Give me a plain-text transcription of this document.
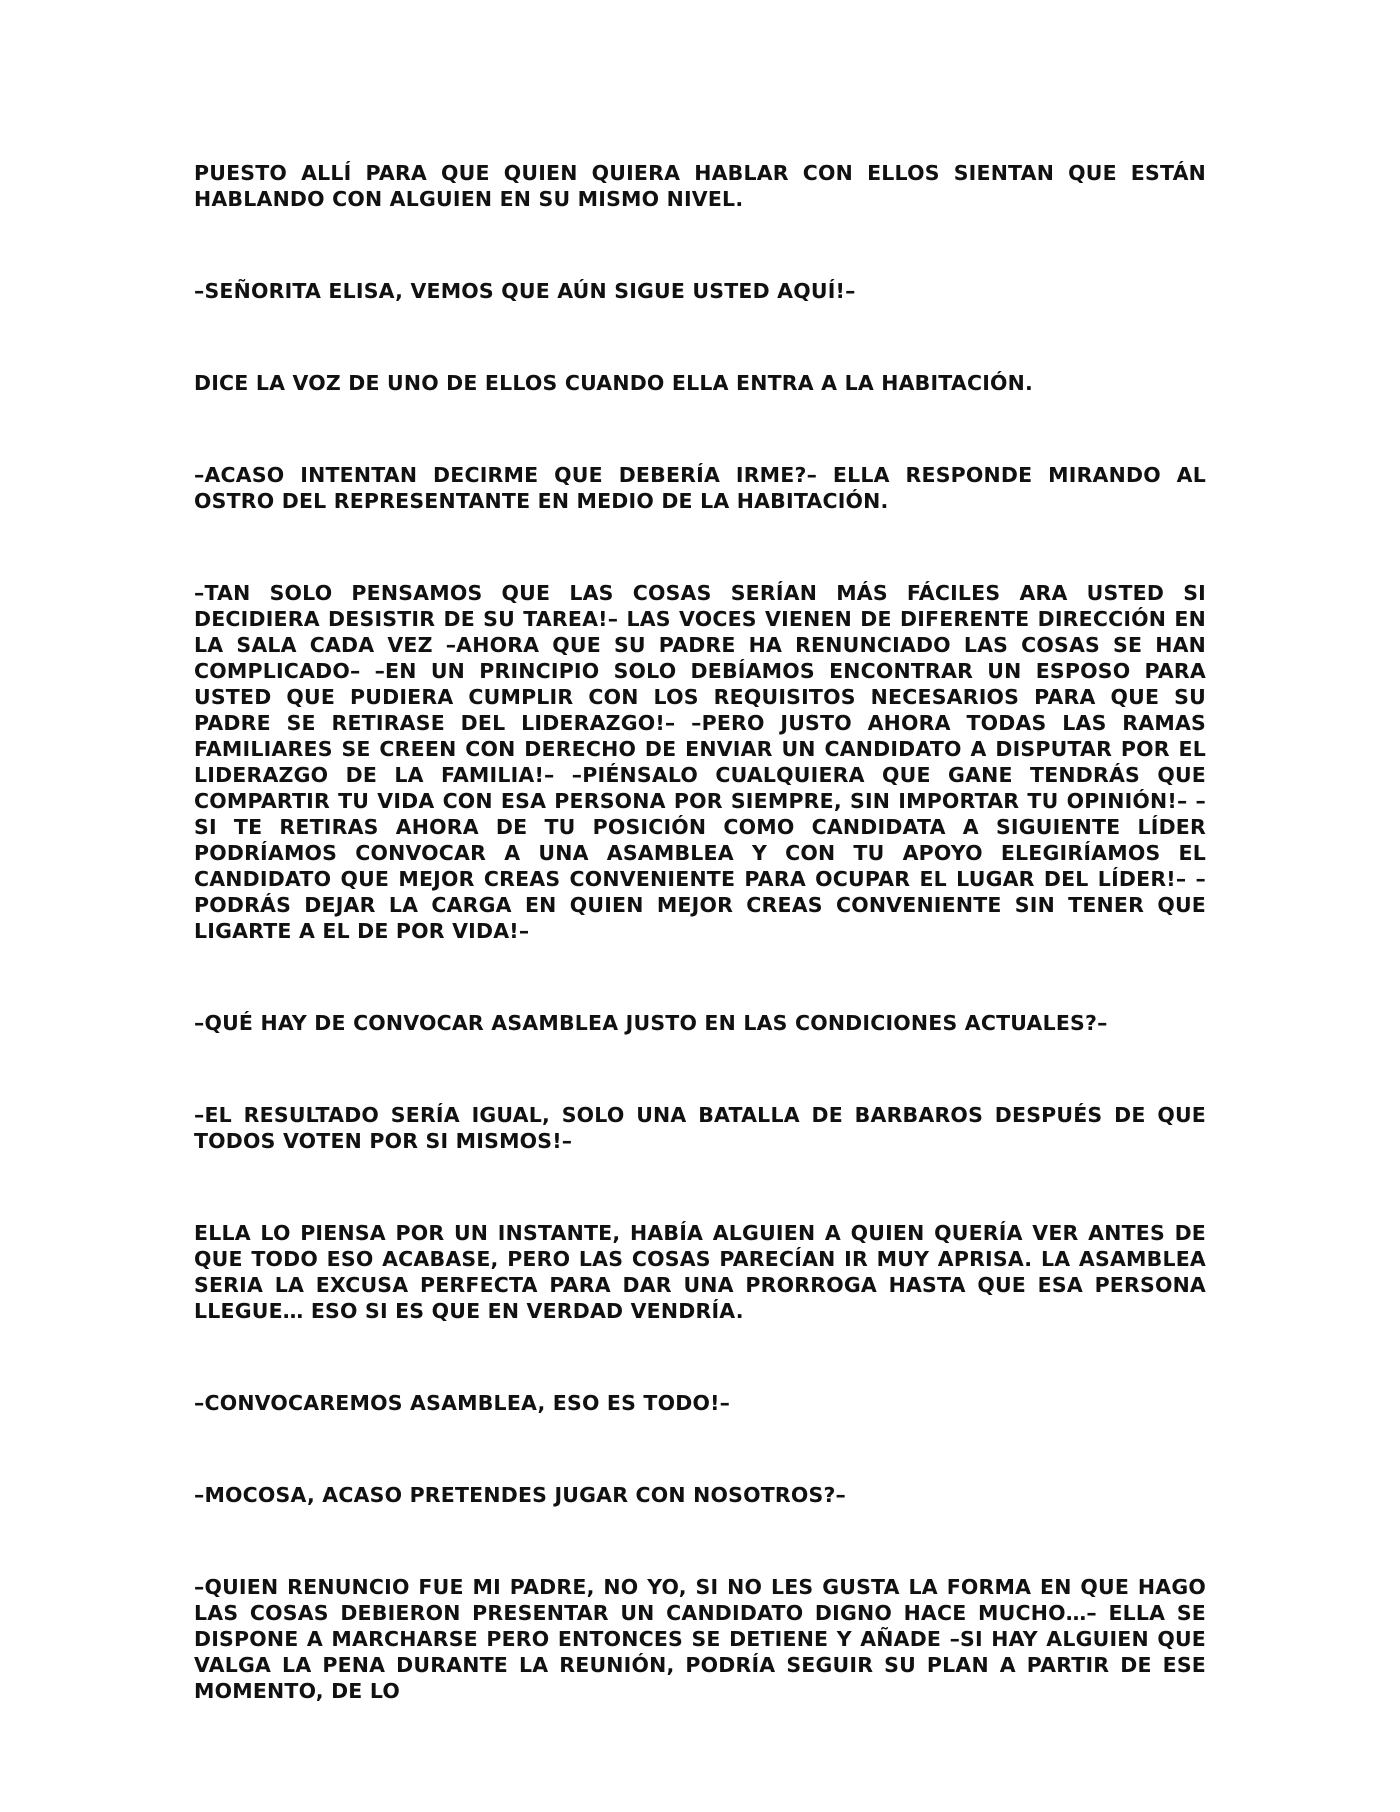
PUESTO ALLÍ PARA QUE QUIEN QUIERA HABLAR CON ELLOS SIENTAN QUE ESTÁN HABLANDO CON ALGUIEN EN SU MISMO NIVEL.

–SEÑORITA ELISA, VEMOS QUE AÚN SIGUE USTED AQUÍ!–

DICE LA VOZ DE UNO DE ELLOS CUANDO ELLA ENTRA A LA HABITACIÓN.

–ACASO INTENTAN DECIRME QUE DEBERÍA IRME?– ELLA RESPONDE MIRANDO AL OSTRO DEL REPRESENTANTE EN MEDIO DE LA HABITACIÓN.

–TAN SOLO PENSAMOS QUE LAS COSAS SERÍAN MÁS FÁCILES ARA USTED SI DECIDIERA DESISTIR DE SU TAREA!– LAS VOCES VIENEN DE DIFERENTE DIRECCIÓN EN LA SALA CADA VEZ –AHORA QUE SU PADRE HA RENUNCIADO LAS COSAS SE HAN COMPLICADO– –EN UN PRINCIPIO SOLO DEBÍAMOS ENCONTRAR UN ESPOSO PARA USTED QUE PUDIERA CUMPLIR CON LOS REQUISITOS NECESARIOS PARA QUE SU PADRE SE RETIRASE DEL LIDERAZGO!– –PERO JUSTO AHORA TODAS LAS RAMAS FAMILIARES SE CREEN CON DERECHO DE ENVIAR UN CANDIDATO A DISPUTAR POR EL LIDERAZGO DE LA FAMILIA!– –PIÉNSALO CUALQUIERA QUE GANE TENDRÁS QUE COMPARTIR TU VIDA CON ESA PERSONA POR SIEMPRE, SIN IMPORTAR TU OPINIÓN!– –SI TE RETIRAS AHORA DE TU POSICIÓN COMO CANDIDATA A SIGUIENTE LÍDER PODRÍAMOS CONVOCAR A UNA ASAMBLEA Y CON TU APOYO ELEGIRÍAMOS EL CANDIDATO QUE MEJOR CREAS CONVENIENTE PARA OCUPAR EL LUGAR DEL LÍDER!– –PODRÁS DEJAR LA CARGA EN QUIEN MEJOR CREAS CONVENIENTE SIN TENER QUE LIGARTE A EL DE POR VIDA!–

–QUÉ HAY DE CONVOCAR ASAMBLEA JUSTO EN LAS CONDICIONES ACTUALES?–

–EL RESULTADO SERÍA IGUAL, SOLO UNA BATALLA DE BARBAROS DESPUÉS DE QUE TODOS VOTEN POR SI MISMOS!–

ELLA LO PIENSA POR UN INSTANTE, HABÍA ALGUIEN A QUIEN QUERÍA VER ANTES DE QUE TODO ESO ACABASE, PERO LAS COSAS PARECÍAN IR MUY APRISA. LA ASAMBLEA SERIA LA EXCUSA PERFECTA PARA DAR UNA PRORROGA HASTA QUE ESA PERSONA LLEGUE… ESO SI ES QUE EN VERDAD VENDRÍA.

–CONVOCAREMOS ASAMBLEA, ESO ES TODO!–

–MOCOSA, ACASO PRETENDES JUGAR CON NOSOTROS?–

–QUIEN RENUNCIO FUE MI PADRE, NO YO, SI NO LES GUSTA LA FORMA EN QUE HAGO LAS COSAS DEBIERON PRESENTAR UN CANDIDATO DIGNO HACE MUCHO…– ELLA SE DISPONE A MARCHARSE PERO ENTONCES SE DETIENE Y AÑADE –SI HAY ALGUIEN QUE VALGA LA PENA DURANTE LA REUNIÓN, PODRÍA SEGUIR SU PLAN A PARTIR DE ESE MOMENTO, DE LO
